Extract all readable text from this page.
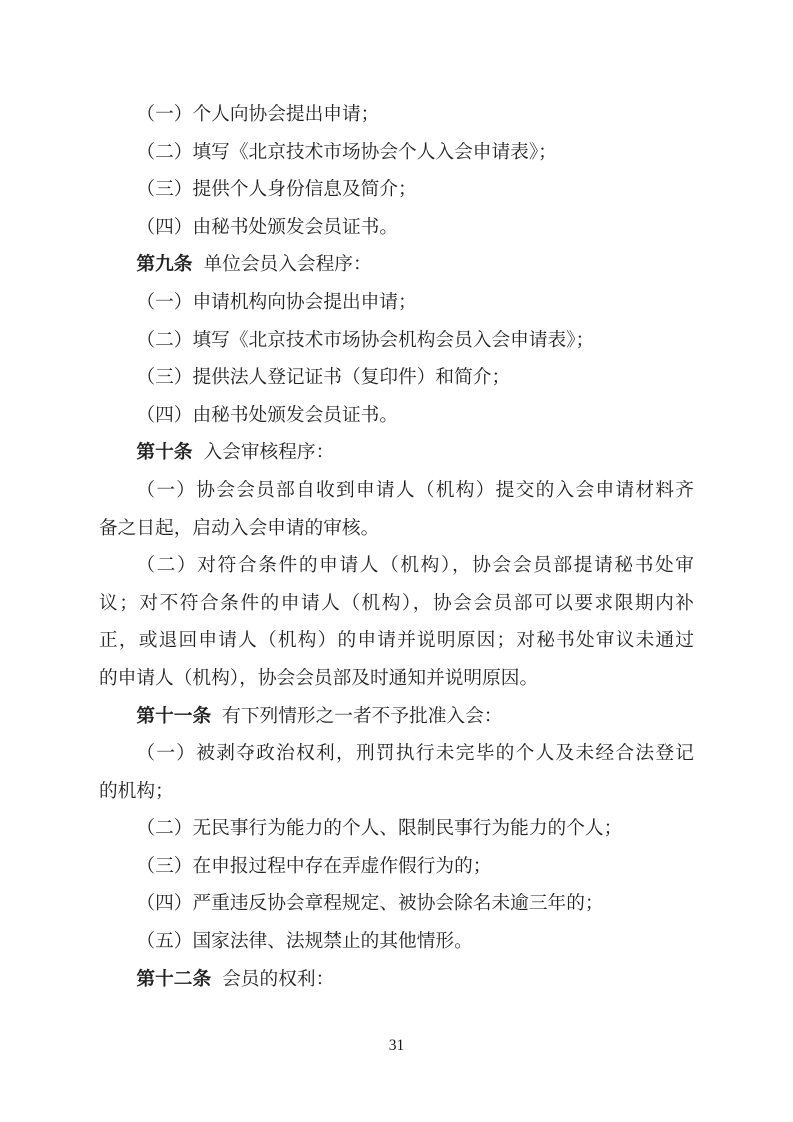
（一）个人向协会提出申请；
（二）填写《北京技术市场协会个人入会申请表》；
（三）提供个人身份信息及简介；
（四）由秘书处颁发会员证书。
第九条 单位会员入会程序：
（一）申请机构向协会提出申请；
（二）填写《北京技术市场协会机构会员入会申请表》；
（三）提供法人登记证书（复印件）和简介；
（四）由秘书处颁发会员证书。
第十条 入会审核程序：
（一）协会会员部自收到申请人（机构）提交的入会申请材料齐
备之日起，启动入会申请的审核。
（二）对符合条件的申请人（机构），协会会员部提请秘书处审
议；对不符合条件的申请人（机构），协会会员部可以要求限期内补
正，或退回申请人（机构）的申请并说明原因；对秘书处审议未通过
的申请人（机构），协会会员部及时通知并说明原因。
第十一条 有下列情形之一者不予批准入会：
（一）被剥夺政治权利，刑罚执行未完毕的个人及未经合法登记
的机构；
（二）无民事行为能力的个人、限制民事行为能力的个人；
（三）在申报过程中存在弄虚作假行为的；
（四）严重违反协会章程规定、被协会除名未逾三年的；
（五）国家法律、法规禁止的其他情形。
第十二条 会员的权利：
31
